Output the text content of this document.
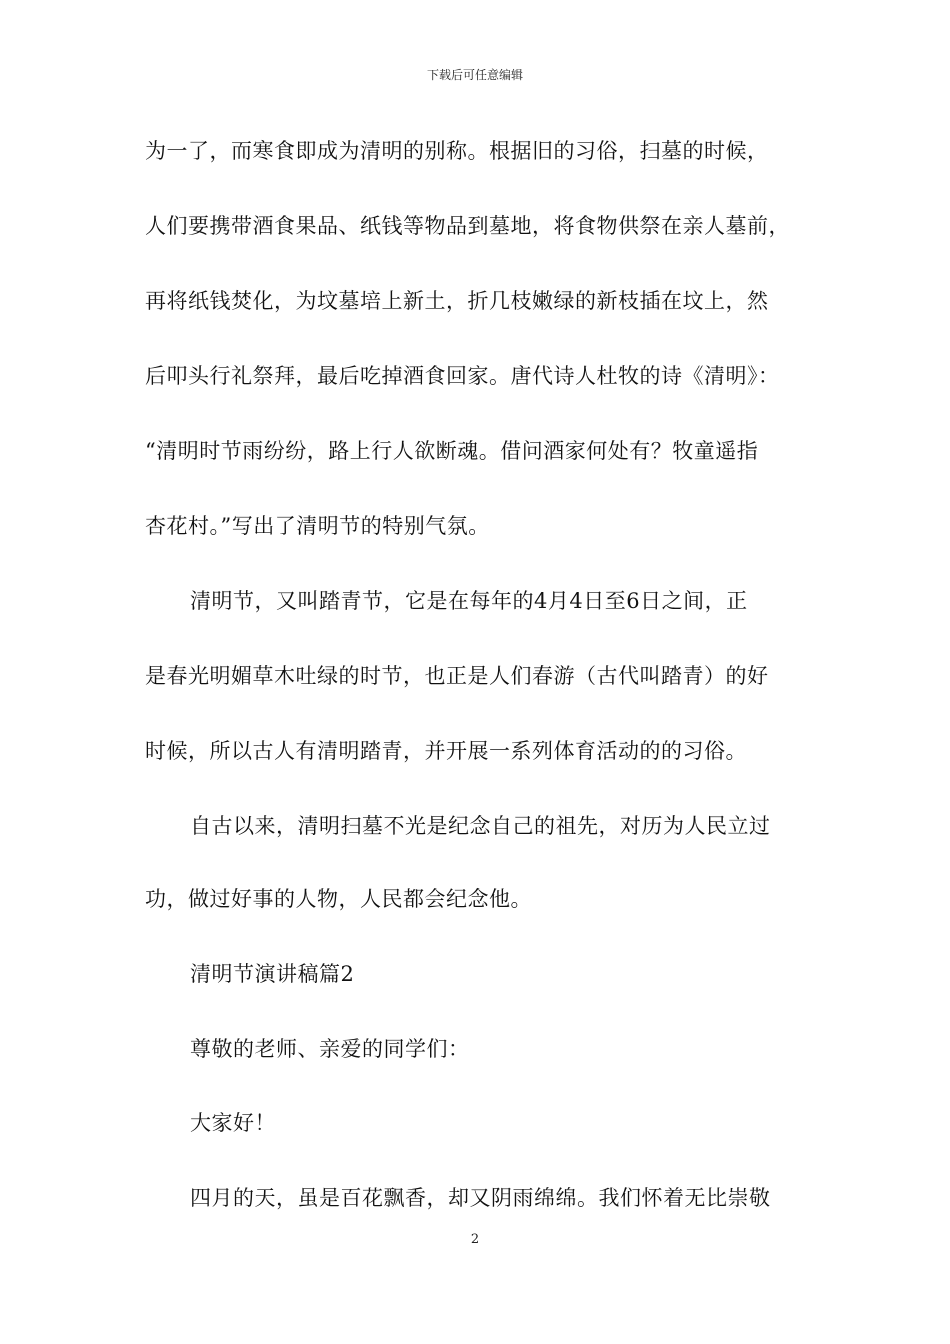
下载后可任意编辑
为一了，而寒食即成为清明的别称。根据旧的习俗，扫墓的时候，
人们要携带酒食果品、纸钱等物品到墓地，将食物供祭在亲人墓前，
再将纸钱焚化，为坟墓培上新土，折几枝嫩绿的新枝插在坟上，然
后叩头行礼祭拜，最后吃掉酒食回家。唐代诗人杜牧的诗《清明》：
“清明时节雨纷纷，路上行人欲断魂。借问酒家何处有？牧童遥指
杏花村。”写出了清明节的特别气氛。
清明节，又叫踏青节，它是在每年的4月4日至6日之间，正
是春光明媚草木吐绿的时节，也正是人们春游（古代叫踏青）的好
时候，所以古人有清明踏青，并开展一系列体育活动的的习俗。
自古以来，清明扫墓不光是纪念自己的祖先，对历为人民立过
功，做过好事的人物，人民都会纪念他。
清明节演讲稿篇2
尊敬的老师、亲爱的同学们：
大家好！
四月的天，虽是百花飘香，却又阴雨绵绵。我们怀着无比崇敬
2
